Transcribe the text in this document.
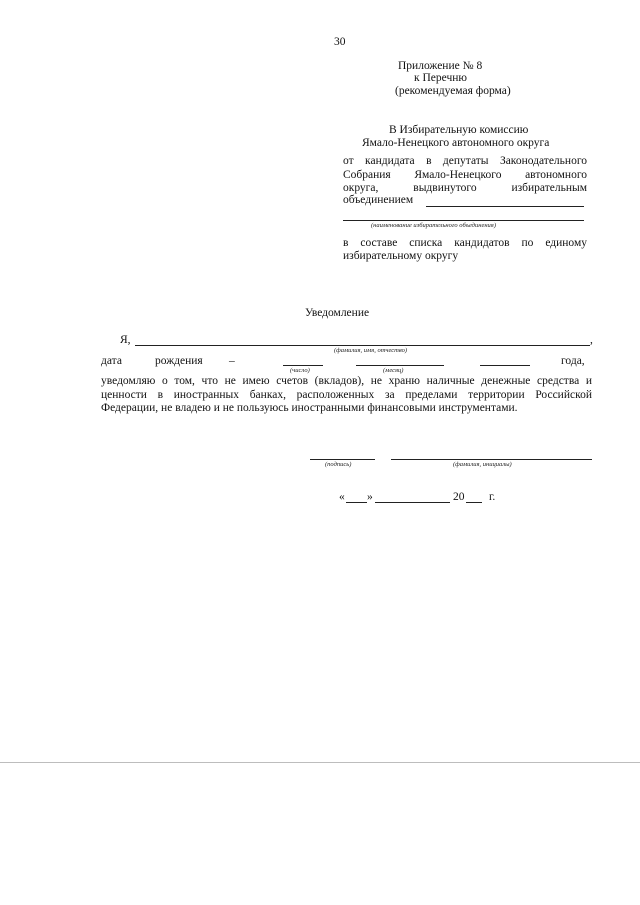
30
Приложение № 8
к Перечню
(рекомендуемая форма)
В Избирательную комиссию
Ямало-Ненецкого автономного округа
от кандидата в депутаты Законодательного
Собрания Ямало-Ненецкого автономного
округа, выдвинутого избирательным
объединением
(наименование избирательного объединения)
в составе списка кандидатов по единому
избирательному округу
Уведомление
Я,	,
(фамилия, имя, отчество)
дата	рождения –	года,
(число)	(месяц)
уведомляю о том, что не имею счетов (вкладов), не храню наличные денежные средства и
ценности в иностранных банках, расположенных за пределами территории Российской
Федерации, не владею и не пользуюсь иностранными финансовыми инструментами.
(подпись)	(фамилия, инициалы)
« »	20 г.
